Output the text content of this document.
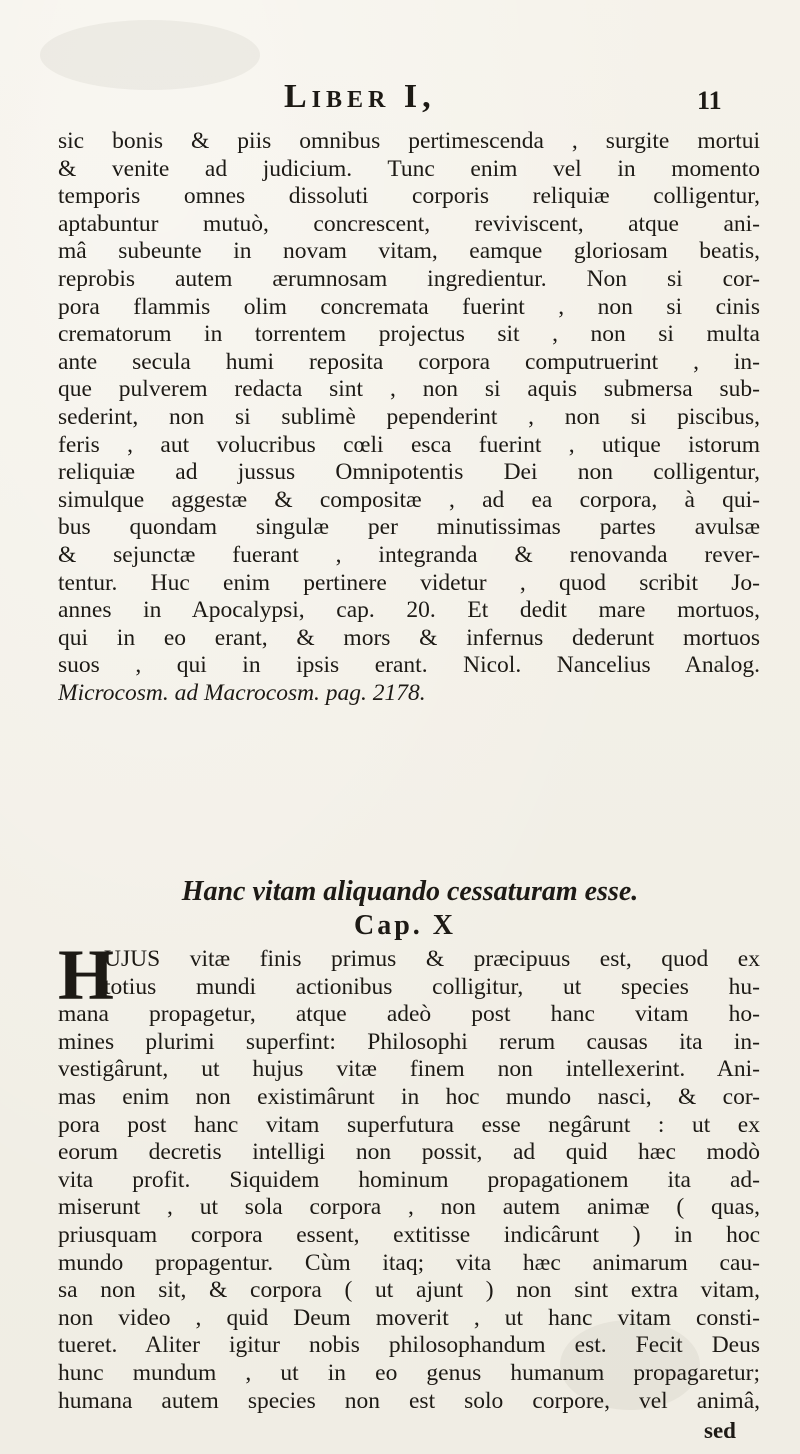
Liber I,	11
sic bonis & piis omnibus pertimescenda , surgite mortui
& venite ad judicium. Tunc enim vel in momento
temporis omnes dissoluti corporis reliquiæ colligentur,
aptabuntur mutuò, concrescent, reviviscent, atque ani-
mâ subeunte in novam vitam, eamque gloriosam beatis,
reprobis autem ærumnosam ingredientur. Non si cor-
pora flammis olim concremata fuerint , non si cinis
crematorum in torrentem projectus sit , non si multa
ante secula humi reposita corpora computruerint , in-
que pulverem redacta sint , non si aquis submersa sub-
sederint, non si sublimè pependerint , non si piscibus,
feris , aut volucribus cœli esca fuerint , utique istorum
reliquiæ ad jussus Omnipotentis Dei non colligentur,
simulque aggestæ & compositæ , ad ea corpora, à qui-
bus quondam singulæ per minutissimas partes avulsæ
& sejunctæ fuerant , integranda & renovanda rever-
tentur. Huc enim pertinere videtur , quod scribit Jo-
annes in Apocalypsi, cap. 20. Et dedit mare mortuos,
qui in eo erant, & mors & infernus dederunt mortuos
suos , qui in ipsis erant. Nicol. Nancelius Analog.
Microcosm. ad Macrocosm. pag. 2178.
Hanc vitam aliquando cessaturam esse.
Cap. X
H
UJUS vitæ finis primus & præcipuus est, quod ex
totius mundi actionibus colligitur, ut species hu-
mana propagetur, atque adeò post hanc vitam ho-
mines plurimi superfint: Philosophi rerum causas ita in-
vestigârunt, ut hujus vitæ finem non intellexerint. Ani-
mas enim non existimârunt in hoc mundo nasci, & cor-
pora post hanc vitam superfutura esse negârunt : ut ex
eorum decretis intelligi non possit, ad quid hæc modò
vita profit. Siquidem hominum propagationem ita ad-
miserunt , ut sola corpora , non autem animæ ( quas,
priusquam corpora essent, extitisse indicârunt ) in hoc
mundo propagentur. Cùm itaq; vita hæc animarum cau-
sa non sit, & corpora ( ut ajunt ) non sint extra vitam,
non video , quid Deum moverit , ut hanc vitam consti-
tueret. Aliter igitur nobis philosophandum est. Fecit Deus
hunc mundum , ut in eo genus humanum propagaretur;
humana autem species non est solo corpore, vel animâ,
sed
